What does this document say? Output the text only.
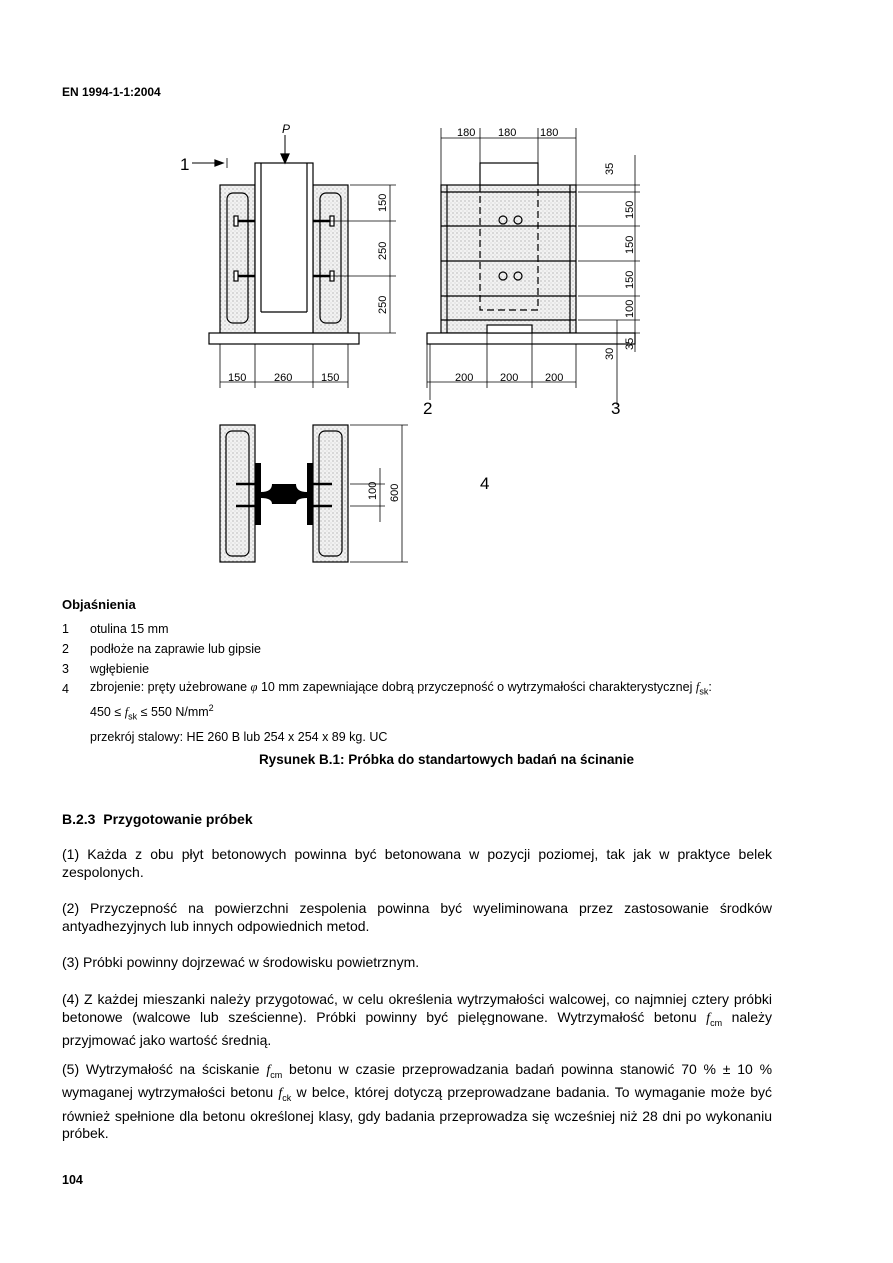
EN 1994-1-1:2004
P
1
150	260	150
150
250
250
180 180 180
200 200 200
35
150
150
150
100
35
30
2	3
100 600	4
Objaśnienia
1	otulina 15 mm
2	podłoże na zaprawie lub gipsie
3	wgłębienie
4	zbrojenie: pręty użebrowane φ 10 mm zapewniające dobrą przyczepność o wytrzymałości charakterystycznej $f_{sk}$:
$450 \le f_{sk} \le 550$ $N/mm^2$
przekrój stalowy: HE 260 B lub 254 x 254 x 89 kg. UC
Rysunek B.1: Próbka do standartowych badań na ścinanie
B.2.3 Przygotowanie próbek
(1) Każda z obu płyt betonowych powinna być betonowana w pozycji poziomej, tak jak w praktyce belek zespolonych.
(2) Przyczepność na powierzchni zespolenia powinna być wyeliminowana przez zastosowanie środków antyadhezyjnych lub innych odpowiednich metod.
(3) Próbki powinny dojrzewać w środowisku powietrznym.
(4) Z każdej mieszanki należy przygotować, w celu określenia wytrzymałości walcowej, co najmniej cztery próbki betonowe (walcowe lub sześcienne). Próbki powinny być pielęgnowane. Wytrzymałość betonu $f_{cm}$ należy przyjmować jako wartość średnią.
(5) Wytrzymałość na ściskanie $f_{cm}$ betonu w czasie przeprowadzania badań powinna stanowić 70 % ± 10 % wymaganej wytrzymałości betonu $f_{ck}$ w belce, której dotyczą przeprowadzane badania. To wymaganie może być również spełnione dla betonu określonej klasy, gdy badania przeprowadza się wcześniej niż 28 dni po wykonaniu próbek.
104
